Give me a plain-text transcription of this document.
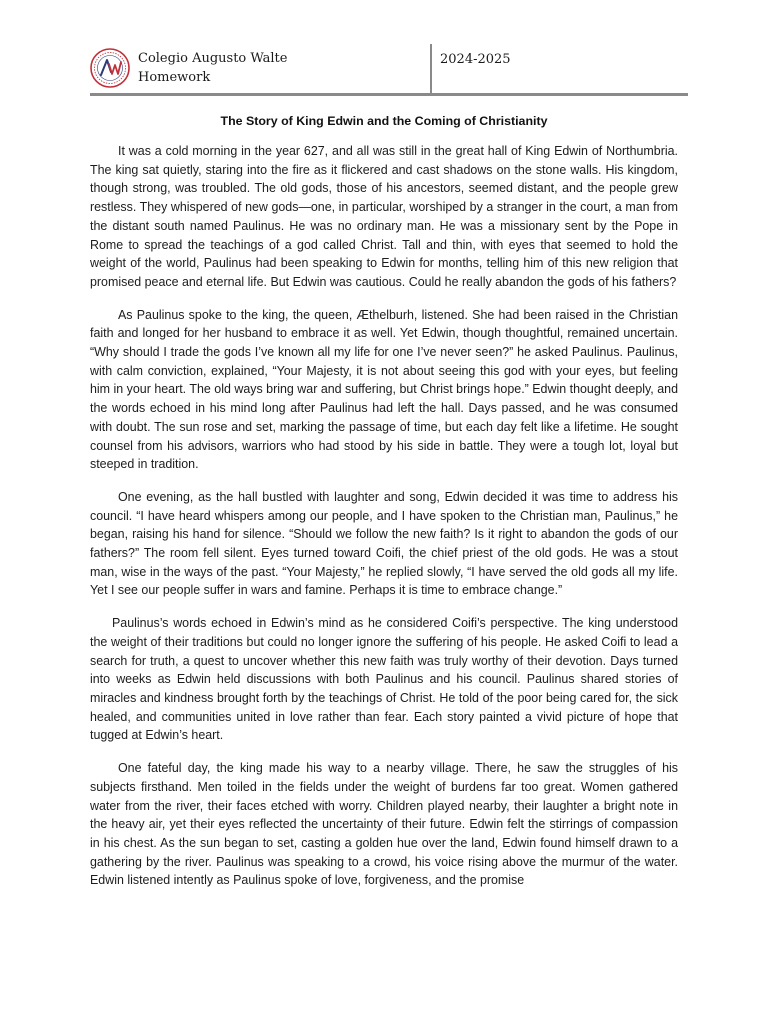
Colegio Augusto Walte
Homework
2024-2025
The Story of King Edwin and the Coming of Christianity

It was a cold morning in the year 627, and all was still in the great hall of King Edwin of Northumbria. The king sat quietly, staring into the fire as it flickered and cast shadows on the stone walls. His kingdom, though strong, was troubled. The old gods, those of his ancestors, seemed distant, and the people grew restless. They whispered of new gods—one, in particular, worshiped by a stranger in the court, a man from the distant south named Paulinus. He was no ordinary man. He was a missionary sent by the Pope in Rome to spread the teachings of a god called Christ. Tall and thin, with eyes that seemed to hold the weight of the world, Paulinus had been speaking to Edwin for months, telling him of this new religion that promised peace and eternal life. But Edwin was cautious. Could he really abandon the gods of his fathers?

As Paulinus spoke to the king, the queen, Æthelburh, listened. She had been raised in the Christian faith and longed for her husband to embrace it as well. Yet Edwin, though thoughtful, remained uncertain. “Why should I trade the gods I’ve known all my life for one I’ve never seen?” he asked Paulinus. Paulinus, with calm conviction, explained, “Your Majesty, it is not about seeing this god with your eyes, but feeling him in your heart. The old ways bring war and suffering, but Christ brings hope.” Edwin thought deeply, and the words echoed in his mind long after Paulinus had left the hall. Days passed, and he was consumed with doubt. The sun rose and set, marking the passage of time, but each day felt like a lifetime. He sought counsel from his advisors, warriors who had stood by his side in battle. They were a tough lot, loyal but steeped in tradition.

One evening, as the hall bustled with laughter and song, Edwin decided it was time to address his council. “I have heard whispers among our people, and I have spoken to the Christian man, Paulinus,” he began, raising his hand for silence. “Should we follow the new faith? Is it right to abandon the gods of our fathers?” The room fell silent. Eyes turned toward Coifi, the chief priest of the old gods. He was a stout man, wise in the ways of the past. “Your Majesty,” he replied slowly, “I have served the old gods all my life. Yet I see our people suffer in wars and famine. Perhaps it is time to embrace change.”

Paulinus’s words echoed in Edwin’s mind as he considered Coifi’s perspective. The king understood the weight of their traditions but could no longer ignore the suffering of his people. He asked Coifi to lead a search for truth, a quest to uncover whether this new faith was truly worthy of their devotion. Days turned into weeks as Edwin held discussions with both Paulinus and his council. Paulinus shared stories of miracles and kindness brought forth by the teachings of Christ. He told of the poor being cared for, the sick healed, and communities united in love rather than fear. Each story painted a vivid picture of hope that tugged at Edwin’s heart.

One fateful day, the king made his way to a nearby village. There, he saw the struggles of his subjects firsthand. Men toiled in the fields under the weight of burdens far too great. Women gathered water from the river, their faces etched with worry. Children played nearby, their laughter a bright note in the heavy air, yet their eyes reflected the uncertainty of their future. Edwin felt the stirrings of compassion in his chest. As the sun began to set, casting a golden hue over the land, Edwin found himself drawn to a gathering by the river. Paulinus was speaking to a crowd, his voice rising above the murmur of the water. Edwin listened intently as Paulinus spoke of love, forgiveness, and the promise
